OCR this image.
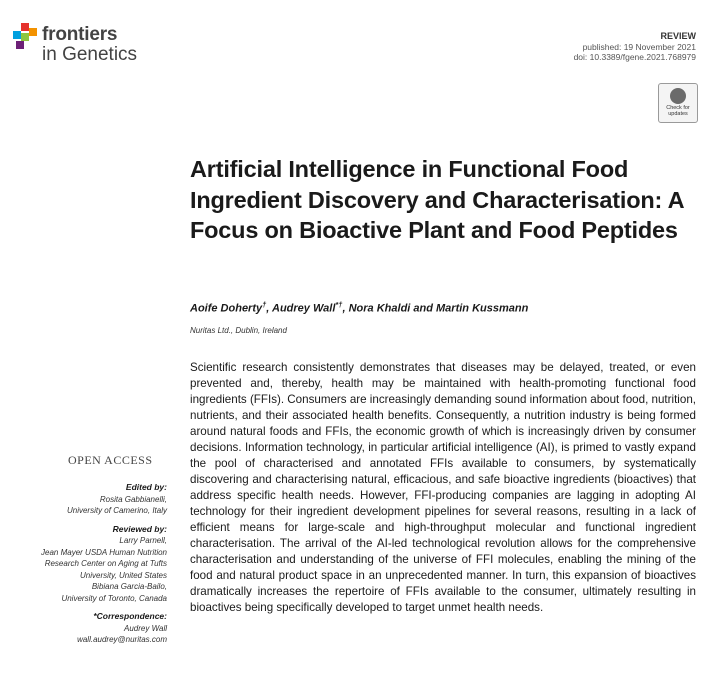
frontiers
in Genetics
REVIEW
published: 19 November 2021
doi: 10.3389/fgene.2021.768979
Check for
updates
Artificial Intelligence in Functional Food Ingredient Discovery and Characterisation: A Focus on Bioactive Plant and Food Peptides
Aoife Doherty†, Audrey Wall*†, Nora Khaldi and Martin Kussmann
Nuritas Ltd., Dublin, Ireland
Scientific research consistently demonstrates that diseases may be delayed, treated, or even prevented and, thereby, health may be maintained with health-promoting functional food ingredients (FFIs). Consumers are increasingly demanding sound information about food, nutrition, nutrients, and their associated health benefits. Consequently, a nutrition industry is being formed around natural foods and FFIs, the economic growth of which is increasingly driven by consumer decisions. Information technology, in particular artificial intelligence (AI), is primed to vastly expand the pool of characterised and annotated FFIs available to consumers, by systematically discovering and characterising natural, efficacious, and safe bioactive ingredients (bioactives) that address specific health needs. However, FFI-producing companies are lagging in adopting AI technology for their ingredient development pipelines for several reasons, resulting in a lack of efficient means for large-scale and high-throughput molecular and functional ingredient characterisation. The arrival of the AI-led technological revolution allows for the comprehensive characterisation and understanding of the universe of FFI molecules, enabling the mining of the food and natural product space in an unprecedented manner. In turn, this expansion of bioactives dramatically increases the repertoire of FFIs available to the consumer, ultimately resulting in bioactives being specifically developed to target unmet health needs.
OPEN ACCESS
Edited by:
Rosita Gabbianelli,
University of Camerino, Italy
Reviewed by:
Larry Parnell,
Jean Mayer USDA Human Nutrition
Research Center on Aging at Tufts
University, United States
Bibiana Garcia-Bailo,
University of Toronto, Canada
*Correspondence:
Audrey Wall
wall.audrey@nuritas.com
